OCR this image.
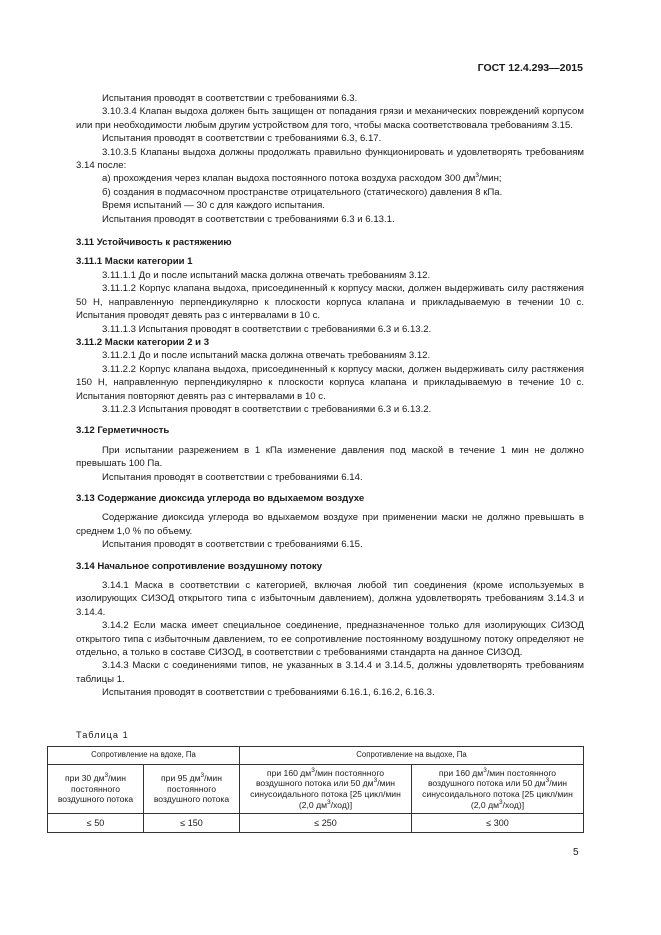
ГОСТ 12.4.293—2015

Испытания проводят в соответствии с требованиями 6.3.

3.10.3.4 Клапан выдоха должен быть защищен от попадания грязи и механических повреждений корпусом или при необходимости любым другим устройством для того, чтобы маска соответствовала требованиям 3.15.

Испытания проводят в соответствии с требованиями 6.3, 6.17.

3.10.3.5 Клапаны выдоха должны продолжать правильно функционировать и удовлетворять требованиям 3.14 после:

а) прохождения через клапан выдоха постоянного потока воздуха расходом 300 $дм^3$/мин;

б) создания в подмасочном пространстве отрицательного (статического) давления 8 кПа.

Время испытаний — 30 с для каждого испытания.

Испытания проводят в соответствии с требованиями 6.3 и 6.13.1.

3.11 Устойчивость к растяжению

3.11.1 Маски категории 1

3.11.1.1 До и после испытаний маска должна отвечать требованиям 3.12.

3.11.1.2 Корпус клапана выдоха, присоединенный к корпусу маски, должен выдерживать силу растяжения 50 Н, направленную перпендикулярно к плоскости корпуса клапана и прикладываемую в течении 10 с. Испытания проводят девять раз с интервалами в 10 с.

3.11.1.3 Испытания проводят в соответствии с требованиями 6.3 и 6.13.2.

3.11.2 Маски категории 2 и 3

3.11.2.1 До и после испытаний маска должна отвечать требованиям 3.12.

3.11.2.2 Корпус клапана выдоха, присоединенный к корпусу маски, должен выдерживать силу растяжения 150 Н, направленную перпендикулярно к плоскости корпуса клапана и прикладываемую в течение 10 с. Испытания повторяют девять раз с интервалами в 10 с.

3.11.2.3 Испытания проводят в соответствии с требованиями 6.3 и 6.13.2.

3.12 Герметичность

При испытании разрежением в 1 кПа изменение давления под маской в течение 1 мин не должно превышать 100 Па.

Испытания проводят в соответствии с требованиями 6.14.

3.13 Содержание диоксида углерода во вдыхаемом воздухе

Содержание диоксида углерода во вдыхаемом воздухе при применении маски не должно превышать в среднем 1,0 % по объему.

Испытания проводят в соответствии с требованиями 6.15.

3.14 Начальное сопротивление воздушному потоку

3.14.1 Маска в соответствии с категорией, включая любой тип соединения (кроме используемых в изолирующих СИЗОД открытого типа с избыточным давлением), должна удовлетворять требованиям 3.14.3 и 3.14.4.

3.14.2 Если маска имеет специальное соединение, предназначенное только для изолирующих СИЗОД открытого типа с избыточным давлением, то ее сопротивление постоянному воздушному потоку определяют не отдельно, а только в составе СИЗОД, в соответствии с требованиями стандарта на данное СИЗОД.

3.14.3 Маски с соединениями типов, не указанных в 3.14.4 и 3.14.5, должны удовлетворять требованиям таблицы 1.

Испытания проводят в соответствии с требованиями 6.16.1, 6.16.2, 6.16.3.

Таблица 1
Сопротивление на вдохе, Па		Сопротивление на выдохе, Па	
при 30 $дм^3$/мин постоянного воздушного потока	при 95 $дм^3$/мин постоянного воздушного потока	при 160 $дм^3$/мин постоянного воздушного потока или 50 $дм^3$/мин синусоидального потока [25 цикл/мин (2,0 $дм^3/ход$)]	при 160 $дм^3$/мин постоянного воздушного потока или 50 $дм^3$/мин синусоидального потока [25 цикл/мин (2,0 $дм^3/ход$)]
≤ 50	≤ 150	≤ 250	≤ 300
5
